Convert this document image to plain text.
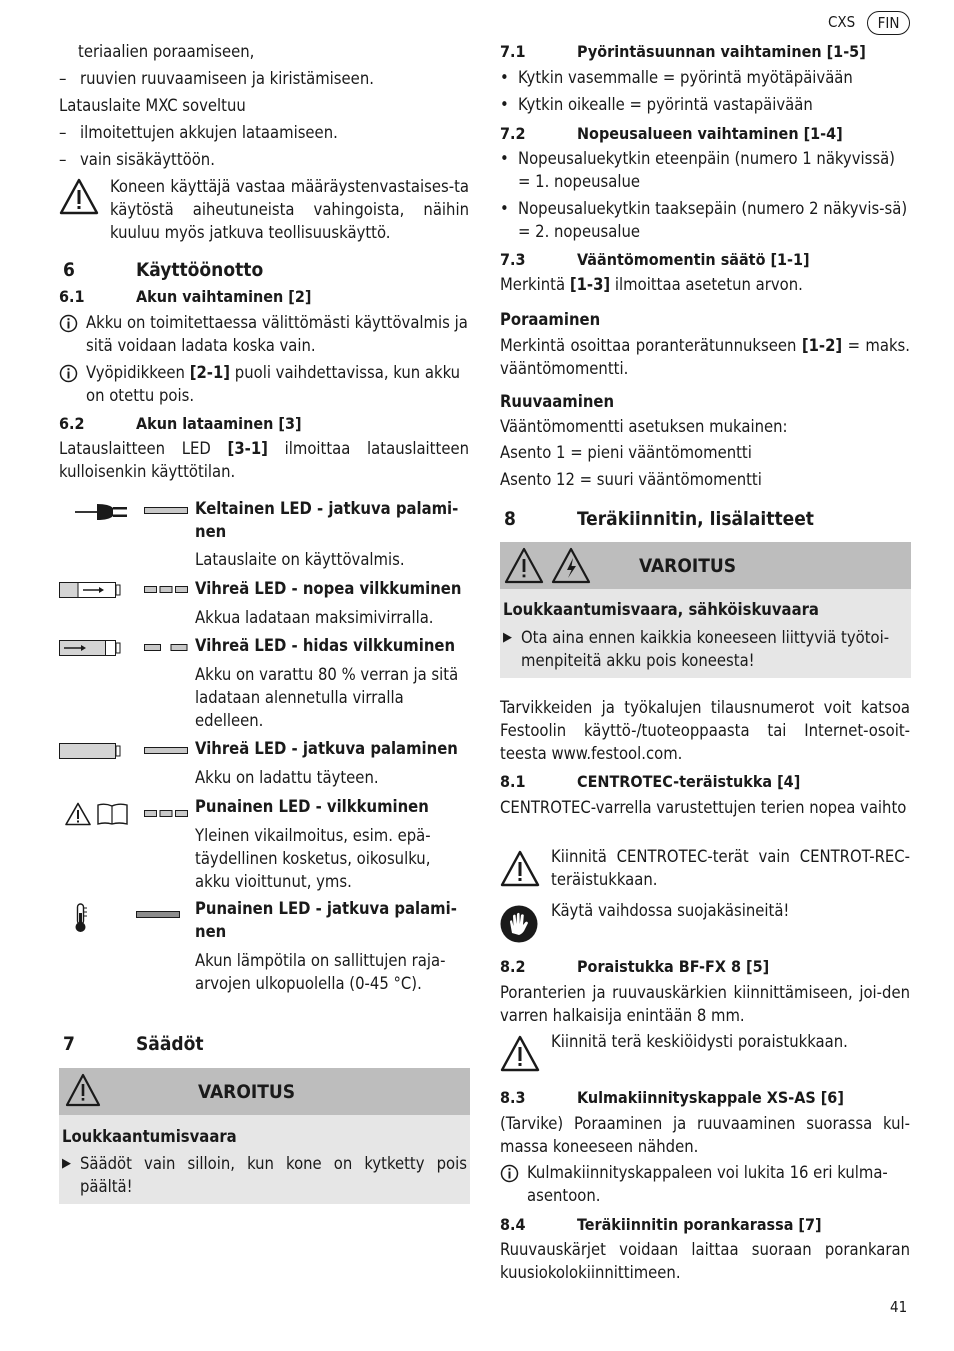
CXS	FIN
41

teriaalien poraamiseen,

– ruuvien ruuvaamiseen ja kiristämiseen.

Latauslaite MXC soveltuu

– ilmoitettujen akkujen lataamiseen.

– vain sisäkäyttöön.

Koneen käyttäjä vastaa määräystenvastaises-ta käytöstä aiheutuneista vahingoista, näihin kuuluu myös jatkuva teollisuuskäyttö.

6	Käyttöönotto
6.1	Akun vaihtaminen [2]
Akku on toimitettaessa välittömästi käyttövalmis ja sitä voidaan ladata koska vain.
Vyöpidikkeen [2-1] puoli vaihdettavissa, kun akku on otettu pois.
6.2	Akun lataaminen [3]

Latauslaitteen LED [3-1] ilmoittaa latauslaitteen kulloisenkin käyttötilan.

Keltainen LED - jatkuva palami-nen

Latauslaite on käyttövalmis.

Vihreä LED - nopea vilkkuminen

Akkua ladataan maksimivirralla.

Vihreä LED - hidas vilkkuminen

Akku on varattu 80 % verran ja sitä ladataan alennetulla virralla edelleen.

Vihreä LED - jatkuva palaminen

Akku on ladattu täyteen.

Punainen LED - vilkkuminen

Yleinen vikailmoitus, esim. epä-täydellinen kosketus, oikosulku, akku vioittunut, yms.

Punainen LED - jatkuva palami-nen

Akun lämpötila on sallittujen raja-arvojen ulkopuolella (0-45 °C).

7	Säädöt
VAROITUS

Loukkaantumisvaara

▶ Säädöt vain silloin, kun kone on kytketty pois päältä!

7.1	Pyörintäsuunnan vaihtaminen [1-5]

• Kytkin vasemmalle = pyörintä myötäpäivään

• Kytkin oikealle = pyörintä vastapäivään

7.2	Nopeusalueen vaihtaminen [1-4]

• Nopeusaluekytkin eteenpäin (numero 1 näkyvissä) = 1. nopeusalue

• Nopeusaluekytkin taaksepäin (numero 2 näkyvis-sä) = 2. nopeusalue

7.3	Vääntömomentin säätö [1-1]

Merkintä [1-3] ilmoittaa asetetun arvon.

Poraaminen

Merkintä osoittaa poranterätunnukseen [1-2] = maks. vääntömomentti.

Ruuvaaminen

Vääntömomentti asetuksen mukainen:

Asento 1 = pieni vääntömomentti

Asento 12 = suuri vääntömomentti

8	Teräkiinnitin, lisälaitteet
VAROITUS

Loukkaantumisvaara, sähköiskuvaara

▶ Ota aina ennen kaikkia koneeseen liittyviä työtoi-menpiteitä akku pois koneesta!

Tarvikkeiden ja työkalujen tilausnumerot voit katsoa Festoolin käyttö-/tuoteoppaasta tai Internet-osoit-teesta www.festool.com.

8.1	CENTROTEC-teräistukka [4]

CENTROTEC-varrella varustettujen terien nopea vaihto

Kiinnitä CENTROTEC-terät vain CENTROT-REC-teräistukkaan.

Käytä vaihdossa suojakäsineitä!

8.2	Poraistukka BF-FX 8 [5]

Poranterien ja ruuvauskärkien kiinnittämiseen, joi-den varren halkaisija enintään 8 mm.

Kiinnitä terä keskiöidysti poraistukkaan.

8.3	Kulmakiinnityskappale XS-AS [6]

(Tarvike) Poraaminen ja ruuvaaminen suorassa kul-massa koneeseen nähden.

Kulmakiinnityskappaleen voi lukita 16 eri kulma-asentoon.
8.4	Teräkiinnitin porankarassa [7]

Ruuvauskärjet voidaan laittaa suoraan porankaran kuusiokolokiinnittimeen.
